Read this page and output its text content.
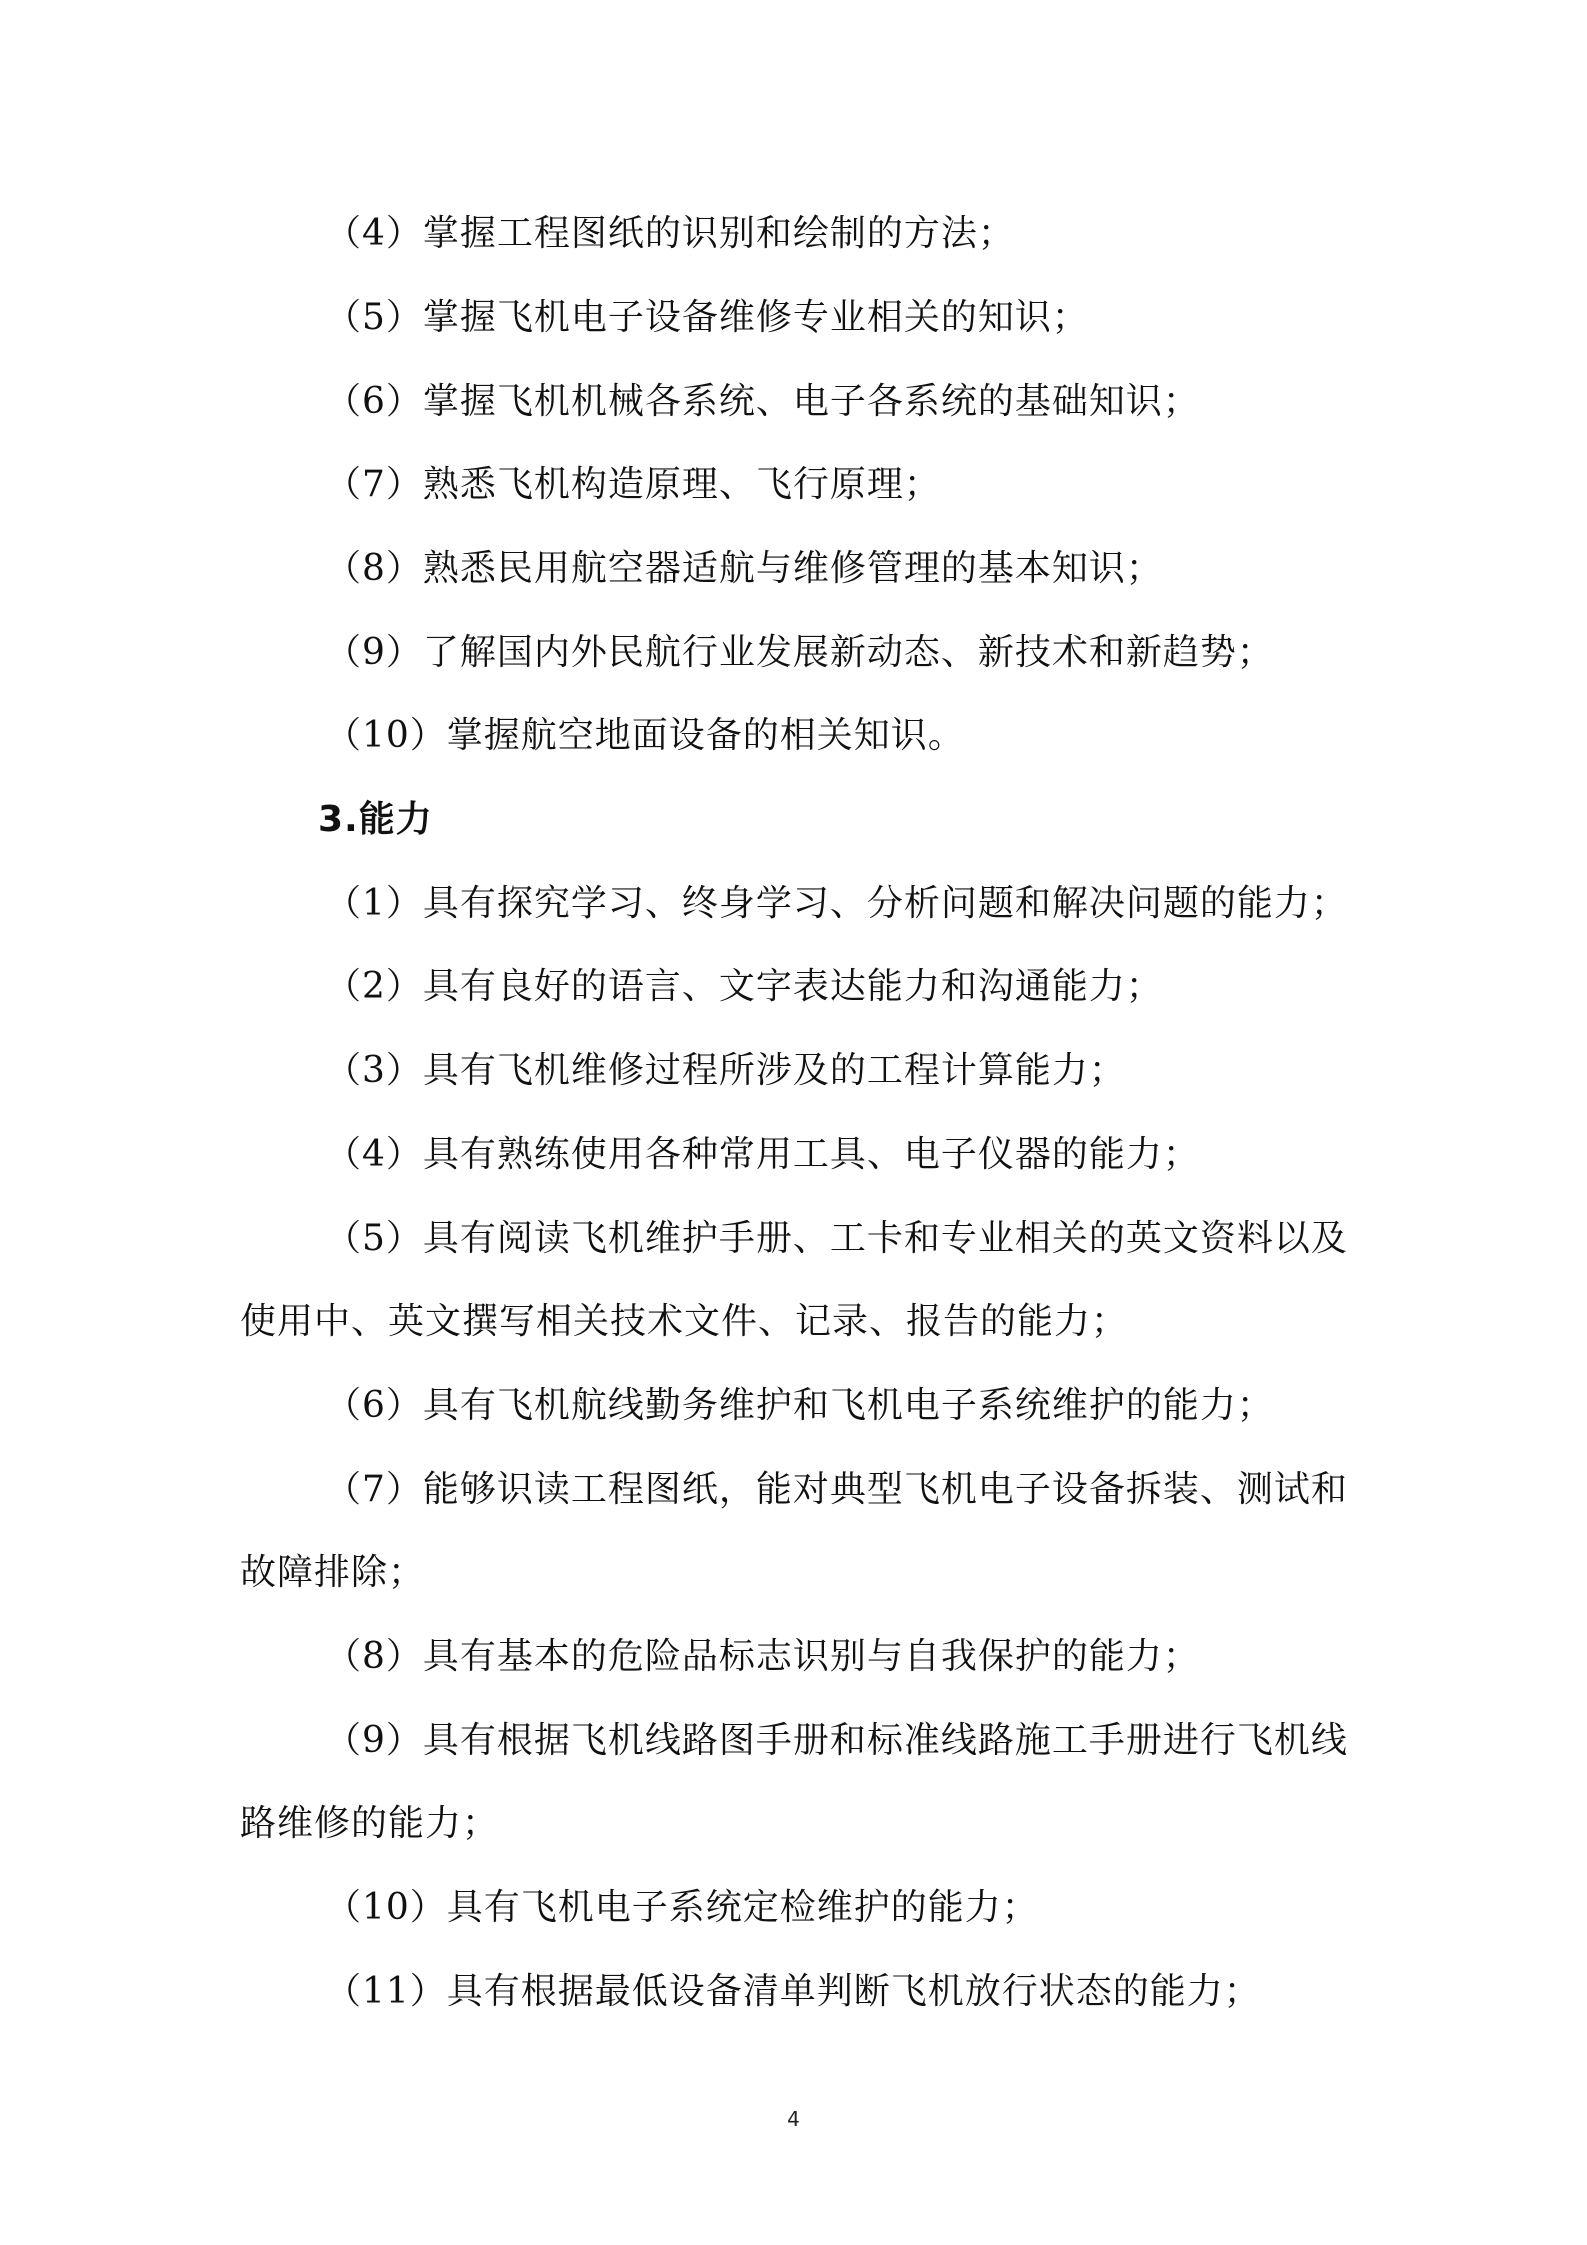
（4）掌握工程图纸的识别和绘制的方法；
（5）掌握飞机电子设备维修专业相关的知识；
（6）掌握飞机机械各系统、电子各系统的基础知识；
（7）熟悉飞机构造原理、飞行原理；
（8）熟悉民用航空器适航与维修管理的基本知识；
（9）了解国内外民航行业发展新动态、新技术和新趋势；
（10）掌握航空地面设备的相关知识。
3.能力
（1）具有探究学习、终身学习、分析问题和解决问题的能力；
（2）具有良好的语言、文字表达能力和沟通能力；
（3）具有飞机维修过程所涉及的工程计算能力；
（4）具有熟练使用各种常用工具、电子仪器的能力；
（5）具有阅读飞机维护手册、工卡和专业相关的英文资料以及
使用中、英文撰写相关技术文件、记录、报告的能力；
（6）具有飞机航线勤务维护和飞机电子系统维护的能力；
（7）能够识读工程图纸，能对典型飞机电子设备拆装、测试和
故障排除；
（8）具有基本的危险品标志识别与自我保护的能力；
（9）具有根据飞机线路图手册和标准线路施工手册进行飞机线
路维修的能力；
（10）具有飞机电子系统定检维护的能力；
（11）具有根据最低设备清单判断飞机放行状态的能力；
4
